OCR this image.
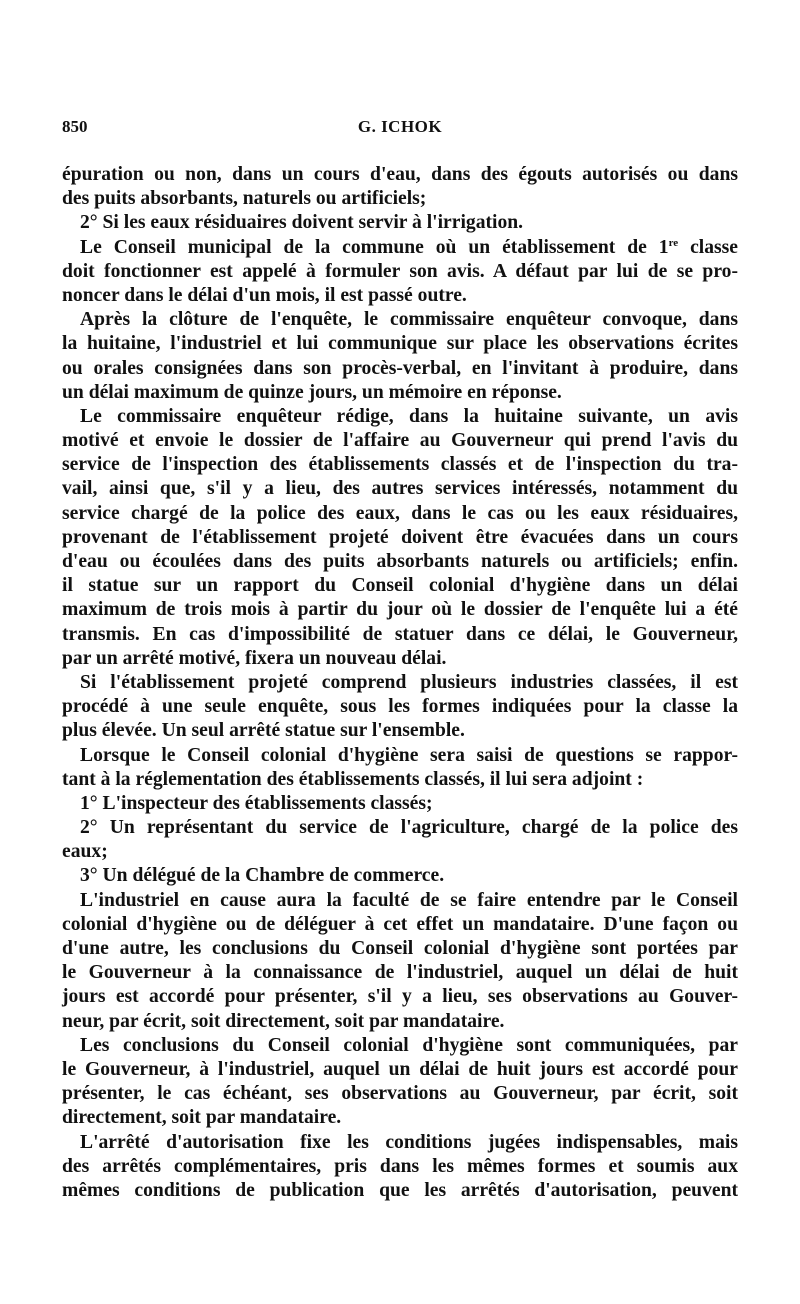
850	G. ICHOK
épuration ou non, dans un cours d'eau, dans des égouts autorisés ou dans
des puits absorbants, naturels ou artificiels;
2° Si les eaux résiduaires doivent servir à l'irrigation.
Le Conseil municipal de la commune où un établissement de 1re classe
doit fonctionner est appelé à formuler son avis. A défaut par lui de se pro-
noncer dans le délai d'un mois, il est passé outre.
Après la clôture de l'enquête, le commissaire enquêteur convoque, dans
la huitaine, l'industriel et lui communique sur place les observations écrites
ou orales consignées dans son procès-verbal, en l'invitant à produire, dans
un délai maximum de quinze jours, un mémoire en réponse.
Le commissaire enquêteur rédige, dans la huitaine suivante, un avis
motivé et envoie le dossier de l'affaire au Gouverneur qui prend l'avis du
service de l'inspection des établissements classés et de l'inspection du tra-
vail, ainsi que, s'il y a lieu, des autres services intéressés, notamment du
service chargé de la police des eaux, dans le cas ou les eaux résiduaires,
provenant de l'établissement projeté doivent être évacuées dans un cours
d'eau ou écoulées dans des puits absorbants naturels ou artificiels; enfin.
il statue sur un rapport du Conseil colonial d'hygiène dans un délai
maximum de trois mois à partir du jour où le dossier de l'enquête lui a été
transmis. En cas d'impossibilité de statuer dans ce délai, le Gouverneur,
par un arrêté motivé, fixera un nouveau délai.
Si l'établissement projeté comprend plusieurs industries classées, il est
procédé à une seule enquête, sous les formes indiquées pour la classe la
plus élevée. Un seul arrêté statue sur l'ensemble.
Lorsque le Conseil colonial d'hygiène sera saisi de questions se rappor-
tant à la réglementation des établissements classés, il lui sera adjoint :
1° L'inspecteur des établissements classés;
2° Un représentant du service de l'agriculture, chargé de la police des
eaux;
3° Un délégué de la Chambre de commerce.
L'industriel en cause aura la faculté de se faire entendre par le Conseil
colonial d'hygiène ou de déléguer à cet effet un mandataire. D'une façon ou
d'une autre, les conclusions du Conseil colonial d'hygiène sont portées par
le Gouverneur à la connaissance de l'industriel, auquel un délai de huit
jours est accordé pour présenter, s'il y a lieu, ses observations au Gouver-
neur, par écrit, soit directement, soit par mandataire.
Les conclusions du Conseil colonial d'hygiène sont communiquées, par
le Gouverneur, à l'industriel, auquel un délai de huit jours est accordé pour
présenter, le cas échéant, ses observations au Gouverneur, par écrit, soit
directement, soit par mandataire.
L'arrêté d'autorisation fixe les conditions jugées indispensables, mais
des arrêtés complémentaires, pris dans les mêmes formes et soumis aux
mêmes conditions de publication que les arrêtés d'autorisation, peuvent
